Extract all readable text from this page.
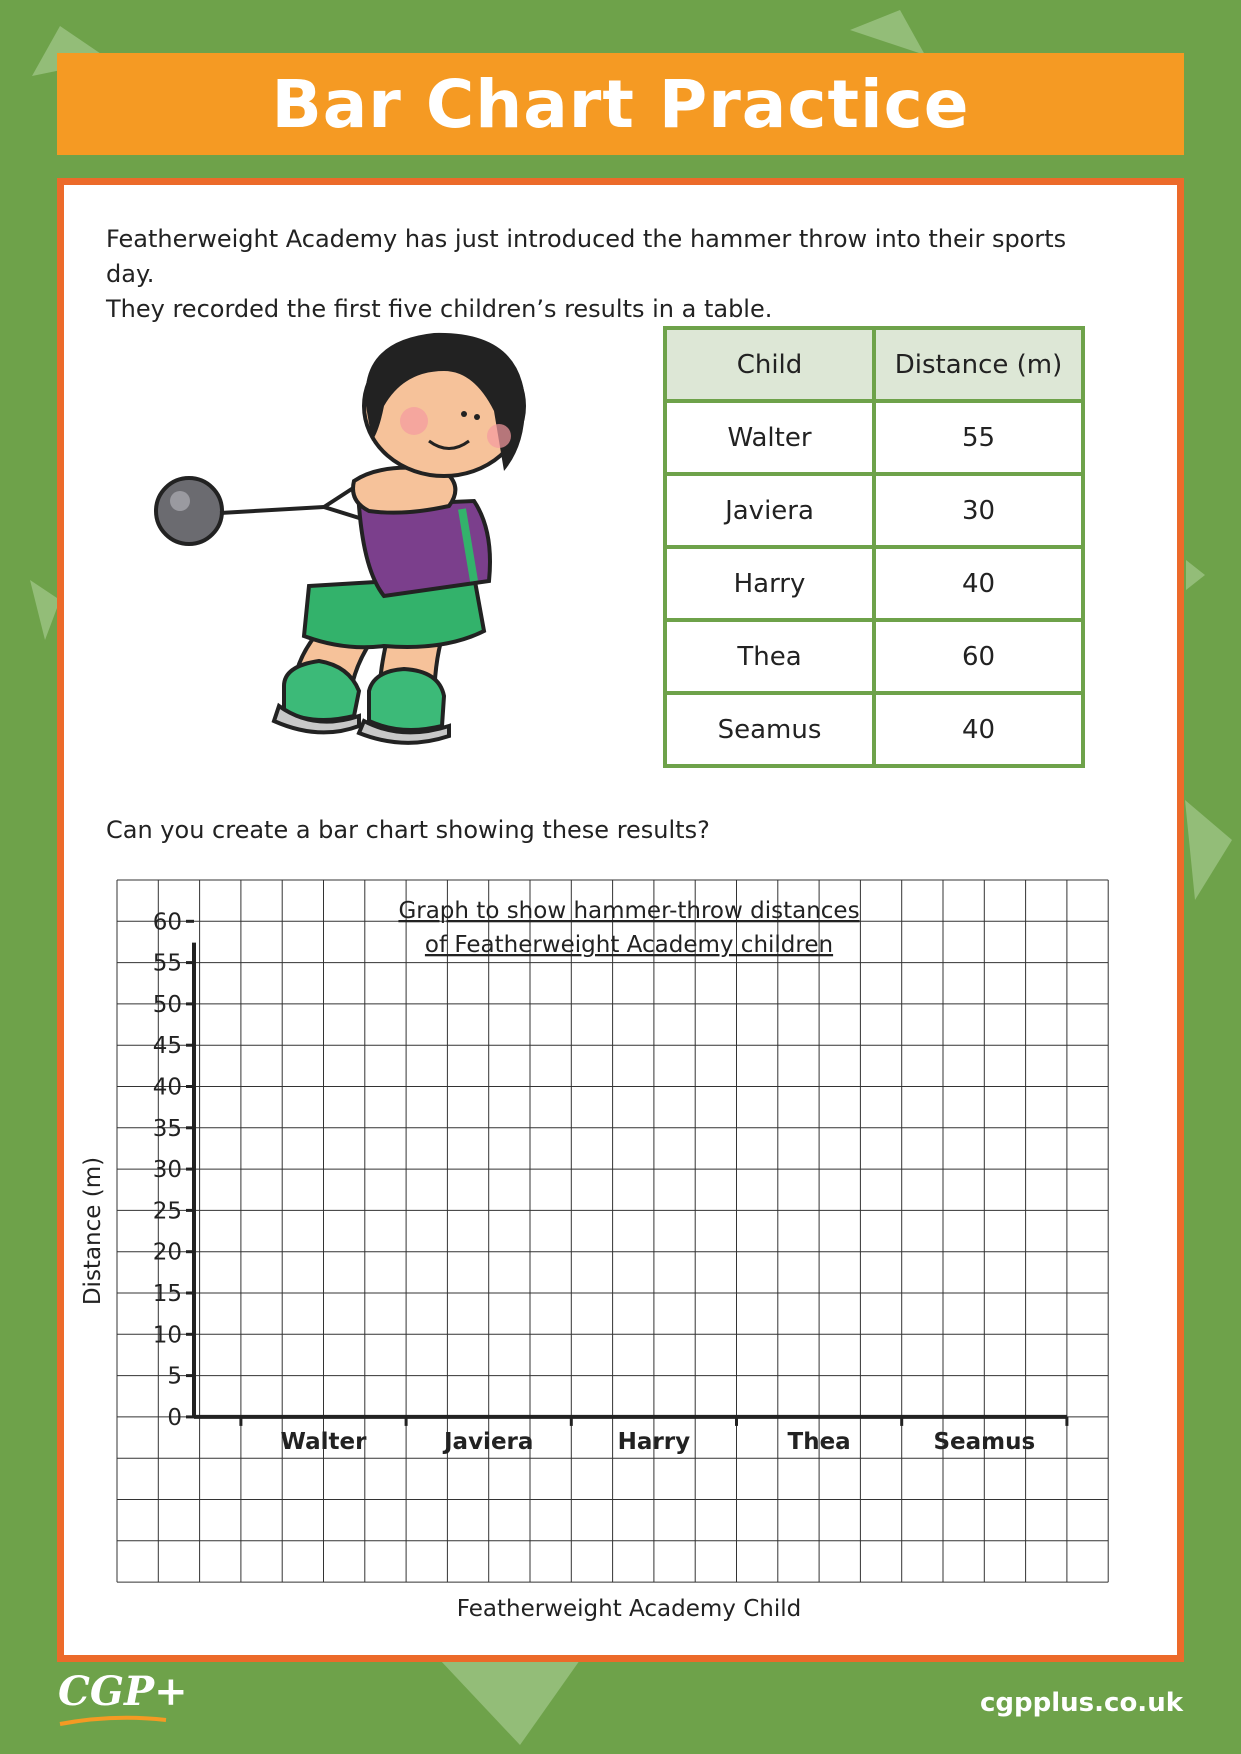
Bar Chart Practice
Featherweight Academy has just introduced the hammer throw into their sports day.
They recorded the first five children’s results in a table.
Child	Distance (m)
Walter	55
Javiera	30
Harry	40
Thea	60
Seamus	40
Can you create a bar chart showing these results?
Graph to show hammer-throw distances
of Featherweight Academy children
0
5
10
15
20
25
30
35
40
45
50
55
60
Walter	Javiera	Harry	Thea	Seamus
Distance (m)
Featherweight Academy Child
CGP+	cgpplus.co.uk
